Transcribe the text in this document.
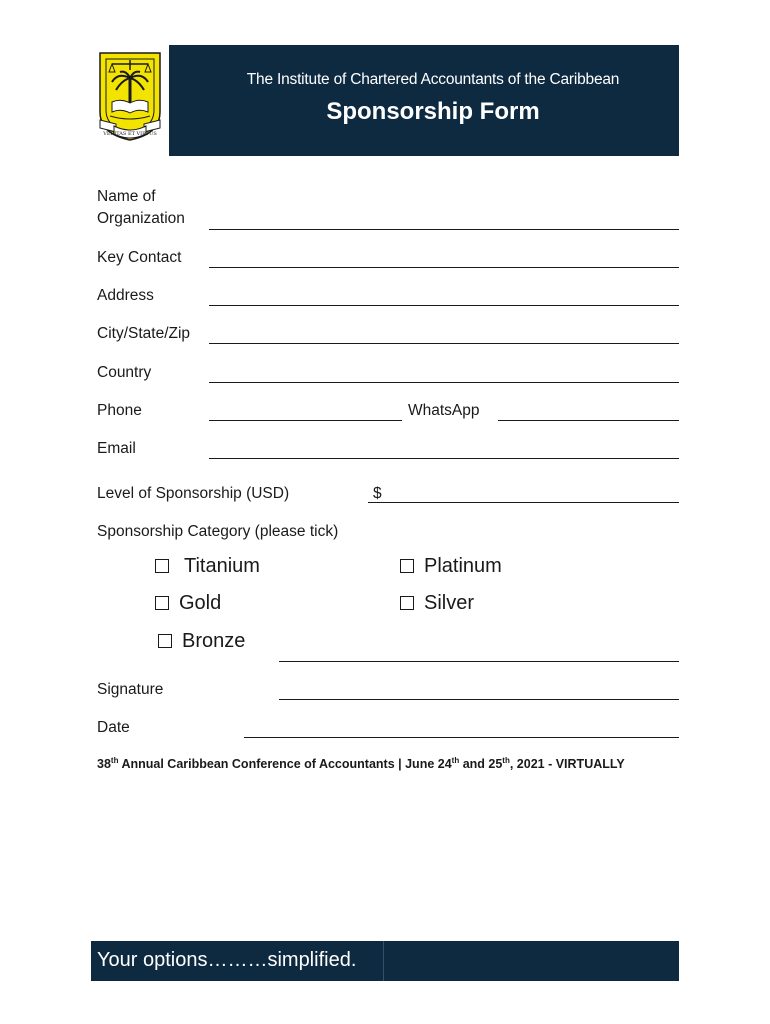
VERITAS ET VIRTUS
The Institute of Chartered Accountants of the Caribbean
Sponsorship Form
Name of
Organization
Key Contact
Address
City/State/Zip
Country
Phone	WhatsApp
Email
Level of Sponsorship (USD)	$
Sponsorship Category (please tick)
Titanium	Platinum
Gold	Silver
Bronze
Signature
Date
38th Annual Caribbean Conference of Accountants | June 24th and 25th, 2021 - VIRTUALLY
Your options………simplified.
